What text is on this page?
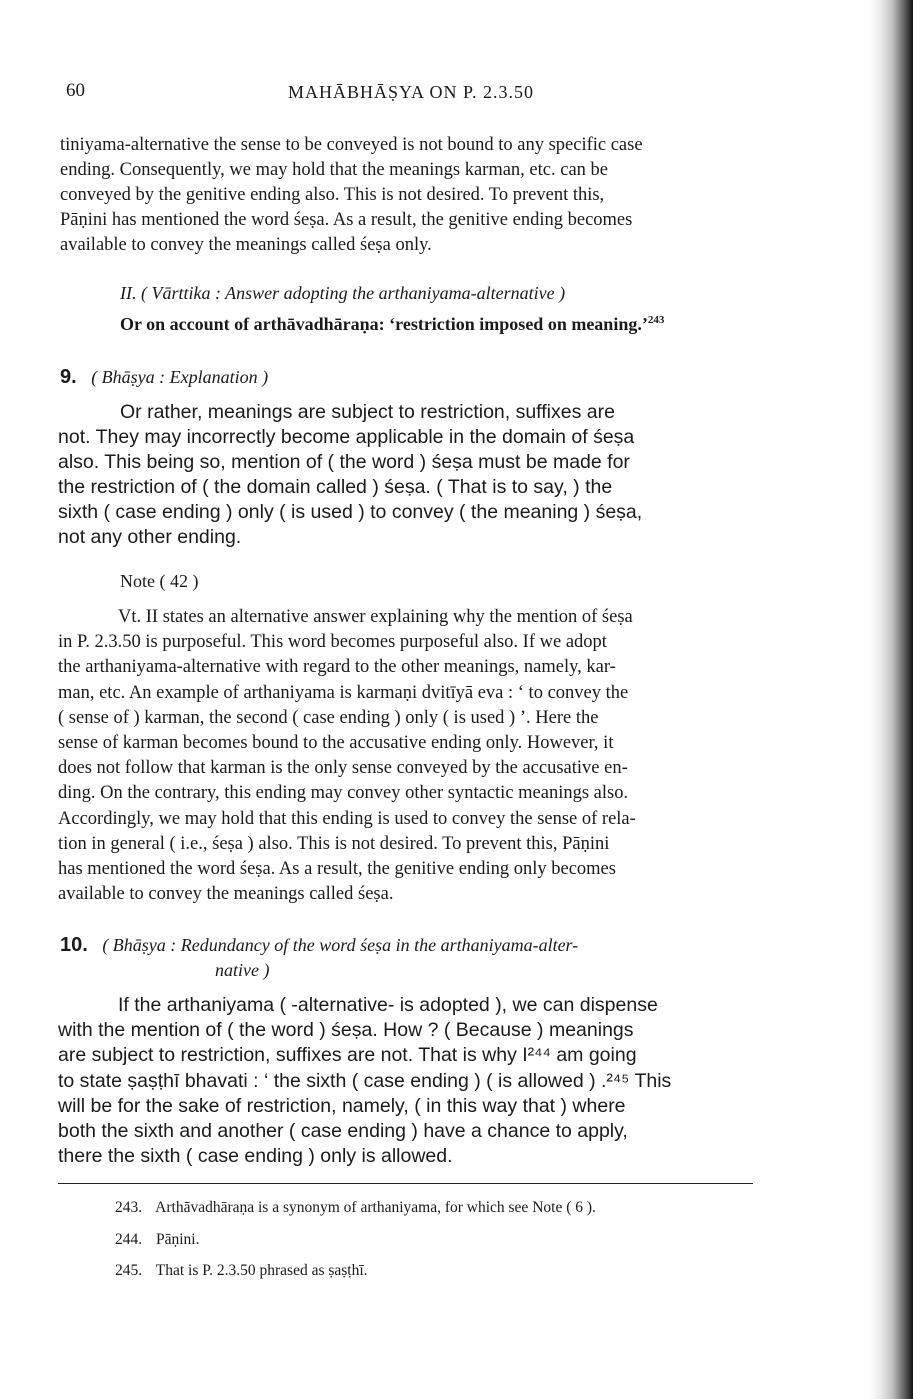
60	MAHĀBHĀṢYA ON P. 2.3.50

tiniyama-alternative the sense to be conveyed is not bound to any specific case
ending. Consequently, we may hold that the meanings karman, etc. can be
conveyed by the genitive ending also. This is not desired. To prevent this,
Pāṇini has mentioned the word śeṣa. As a result, the genitive ending becomes
available to convey the meanings called śeṣa only.

II. ( Vārttika : Answer adopting the arthaniyama-alternative )
Or on account of arthāvadhāraṇa: ‘restriction imposed on meaning.’$^{243}$
9. ( Bhāṣya : Explanation )

Or rather, meanings are subject to restriction, suffixes are
not. They may incorrectly become applicable in the domain of śeṣa
also. This being so, mention of ( the word ) śeṣa must be made for
the restriction of ( the domain called ) śeṣa. ( That is to say, ) the
sixth ( case ending ) only ( is used ) to convey ( the meaning ) śeṣa,
not any other ending.

Note ( 42 )

Vt. II states an alternative answer explaining why the mention of śeṣa
in P. 2.3.50 is purposeful. This word becomes purposeful also. If we adopt
the arthaniyama-alternative with regard to the other meanings, namely, kar-
man, etc. An example of arthaniyama is karmaṇi dvitīyā eva : ‘ to convey the
( sense of ) karman, the second ( case ending ) only ( is used ) ’. Here the
sense of karman becomes bound to the accusative ending only. However, it
does not follow that karman is the only sense conveyed by the accusative en-
ding. On the contrary, this ending may convey other syntactic meanings also.
Accordingly, we may hold that this ending is used to convey the sense of rela-
tion in general ( i.e., śeṣa ) also. This is not desired. To prevent this, Pāṇini
has mentioned the word śeṣa. As a result, the genitive ending only becomes
available to convey the meanings called śeṣa.

10. ( Bhāṣya : Redundancy of the word śeṣa in the arthaniyama-alter-
native )

If the arthaniyama ( -alternative- is adopted ), we can dispense
with the mention of ( the word ) śeṣa. How ? ( Because ) meanings
are subject to restriction, suffixes are not. That is why I²⁴⁴ am going
to state ṣaṣṭhī bhavati : ‘ the sixth ( case ending ) ( is allowed ) .²⁴⁵ This
will be for the sake of restriction, namely, ( in this way that ) where
both the sixth and another ( case ending ) have a chance to apply,
there the sixth ( case ending ) only is allowed.

243. Arthāvadhāraṇa is a synonym of arthaniyama, for which see Note ( 6 ).
244. Pāṇini.
245. That is P. 2.3.50 phrased as ṣaṣṭhī.
